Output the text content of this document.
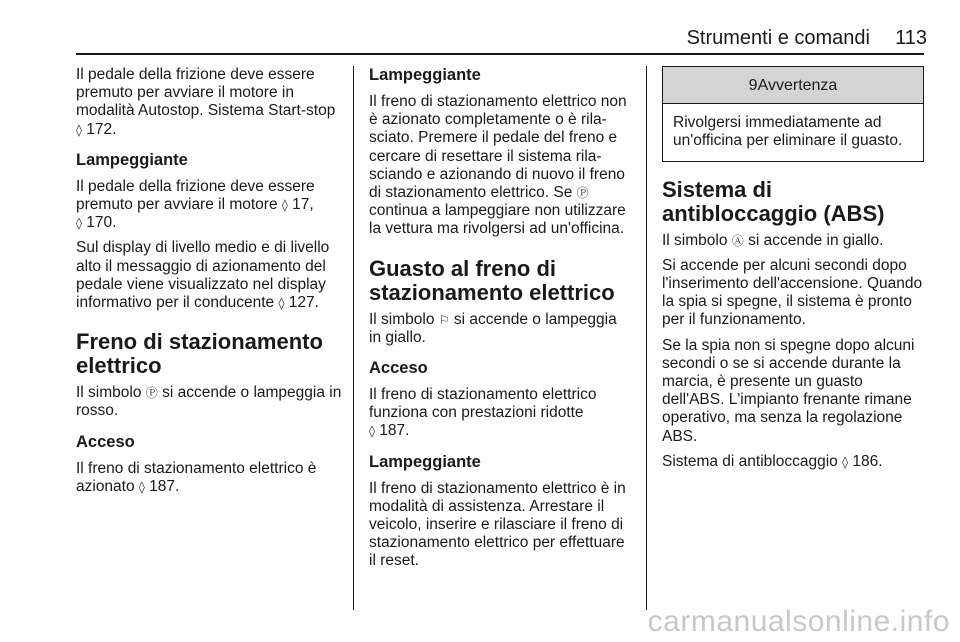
Strumenti e comandi 113

Il pedale della frizione deve essere premuto per avviare il motore in modalità Autostop. Sistema Start-stop ◊ 172.

Lampeggiante

Il pedale della frizione deve essere premuto per avviare il motore ◊ 17,
◊ 170.

Sul display di livello medio e di livello alto il messaggio di azionamento del pedale viene visualizzato nel display informativo per il conducente ◊ 127.

Freno di stazionamento elettrico

Il simbolo Ⓟ si accende o lampeggia in rosso.

Acceso

Il freno di stazionamento elettrico è azionato ◊ 187.

Lampeggiante

Il freno di stazionamento elettrico non è azionato completamente o è rila-sciato. Premere il pedale del freno e cercare di resettare il sistema rila-sciando e azionando di nuovo il freno di stazionamento elettrico. Se Ⓟ continua a lampeggiare non utilizzare la vettura ma rivolgersi ad un'officina.

Guasto al freno di stazionamento elettrico

Il simbolo ⚐ si accende o lampeggia in giallo.

Acceso

Il freno di stazionamento elettrico funziona con prestazioni ridotte
◊ 187.

Lampeggiante

Il freno di stazionamento elettrico è in modalità di assistenza. Arrestare il veicolo, inserire e rilasciare il freno di stazionamento elettrico per effettuare il reset.

9Avvertenza
Rivolgersi immediatamente ad un'officina per eliminare il guasto.
Sistema di antibloccaggio (ABS)

Il simbolo Ⓐ si accende in giallo.

Si accende per alcuni secondi dopo l'inserimento dell'accensione. Quando la spia si spegne, il sistema è pronto per il funzionamento.

Se la spia non si spegne dopo alcuni secondi o se si accende durante la marcia, è presente un guasto dell'ABS. L'impianto frenante rimane operativo, ma senza la regolazione ABS.

Sistema di antibloccaggio ◊ 186.

carmanualsonline.info
